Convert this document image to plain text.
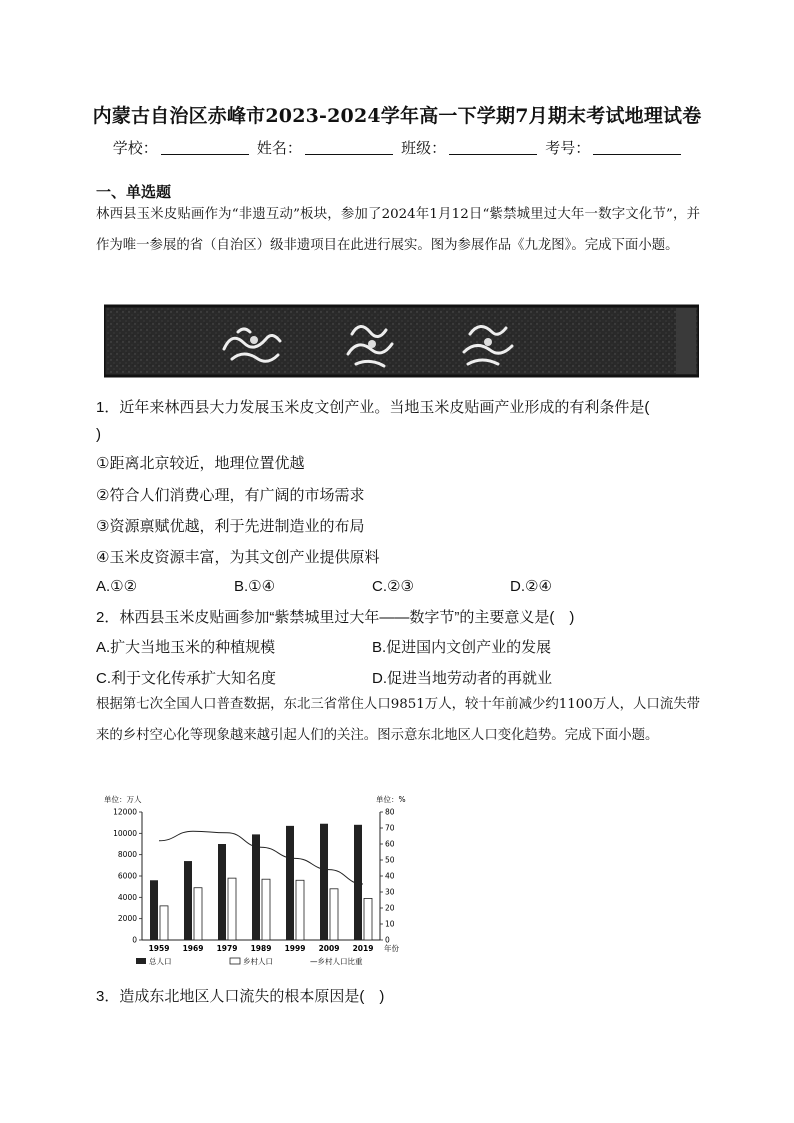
内蒙古自治区赤峰市2023-2024学年高一下学期7月期末考试地理试卷
学校：	姓名：	班级：	考号：
一、单选题
林西县玉米皮贴画作为“非遗互动”板块，参加了2024年1月12日“紫禁城里过大年一数字文化节”，并作为唯一参展的省（自治区）级非遗项目在此进行展实。图为参展作品《九龙图》。完成下面小题。
1．近年来林西县大力发展玉米皮文创产业。当地玉米皮贴画产业形成的有利条件是(
)
①距离北京较近，地理位置优越
②符合人们消费心理，有广阔的市场需求
③资源禀赋优越，利于先进制造业的布局
④玉米皮资源丰富，为其文创产业提供原料
A.①②	B.①④	C.②③	D.②④
2．林西县玉米皮贴画参加“紫禁城里过大年——数字节”的主要意义是(　)
A.扩大当地玉米的种植规模	B.促进国内文创产业的发展
C.利于文化传承扩大知名度	D.促进当地劳动者的再就业
根据第七次全国人口普查数据，东北三省常住人口9851万人，较十年前减少约1100万人，人口流失带来的乡村空心化等现象越来越引起人们的关注。图示意东北地区人口变化趋势。完成下面小题。
单位：万人	单位：%
0
2000
4000
6000
8000
10000
12000
0
10
20
30
40
50
60
70
80
1959 1969 1979 1989 1999 2009 2019 年份
总人口	乡村人口	—乡村人口比重
3．造成东北地区人口流失的根本原因是(　)
